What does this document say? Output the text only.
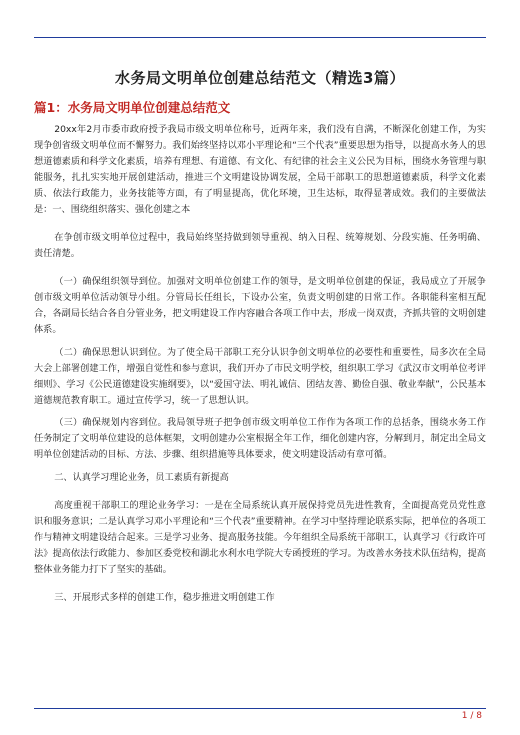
水务局文明单位创建总结范文（精选3篇）
篇1：水务局文明单位创建总结范文

20xx年2月市委市政府授予我局市级文明单位称号，近两年来，我们没有自满，不断深化创建工作，为实现争创省级文明单位而不懈努力。我们始终坚持以邓小平理论和“三个代表”重要思想为指导，以提高水务人的思想道德素质和科学文化素质，培养有理想、有道德、有文化、有纪律的社会主义公民为目标，围绕水务管理与职能服务，扎扎实实地开展创建活动，推进三个文明建设协调发展，全局干部职工的思想道德素质，科学文化素质、依法行政能力，业务技能等方面，有了明显提高，优化环境，卫生达标，取得显著成效。我们的主要做法是：一、围绕组织落实、强化创建之本

在争创市级文明单位过程中，我局始终坚持做到领导重视、纳入日程、统筹规划、分段实施、任务明确、责任清楚。

（一）确保组织领导到位。加强对文明单位创建工作的领导，是文明单位创建的保证，我局成立了开展争创市级文明单位活动领导小组。分管局长任组长，下设办公室，负责文明创建的日常工作。各职能科室相互配合，各副局长结合各自分管业务，把文明建设工作内容融合各项工作中去，形成一岗双责，齐抓共管的文明创建体系。

（二）确保思想认识到位。为了使全局干部职工充分认识争创文明单位的必要性和重要性，局多次在全局大会上部署创建工作，增强自觉性和参与意识，我们开办了市民文明学校，组织职工学习《武汉市文明单位考评细则》、学习《公民道德建设实施纲要》，以“爱国守法、明礼诚信、团结友善、勤俭自强、敬业奉献”，公民基本道德规范教育职工。通过宣传学习，统一了思想认识。

（三）确保规划内容到位。我局领导班子把争创市级文明单位工作作为各项工作的总括条，围绕水务工作任务制定了文明单位建设的总体框架，文明创建办公室根据全年工作，细化创建内容，分解到月，制定出全局文明单位创建活动的目标、方法、步骤、组织措施等具体要求，使文明建设活动有章可循。

二、认真学习理论业务，员工素质有新提高

高度重视干部职工的理论业务学习：一是在全局系统认真开展保持党员先进性教育，全面提高党员党性意识和服务意识；二是认真学习邓小平理论和“三个代表”重要精神。在学习中坚持理论联系实际，把单位的各项工作与精神文明建设结合起来。三是学习业务、提高服务技能。今年组织全局系统干部职工，认真学习《行政许可法》提高依法行政能力、参加区委党校和湖北水利水电学院大专函授班的学习。为改善水务技术队伍结构，提高整体业务能力打下了坚实的基础。

三、开展形式多样的创建工作，稳步推进文明创建工作

1 / 8
